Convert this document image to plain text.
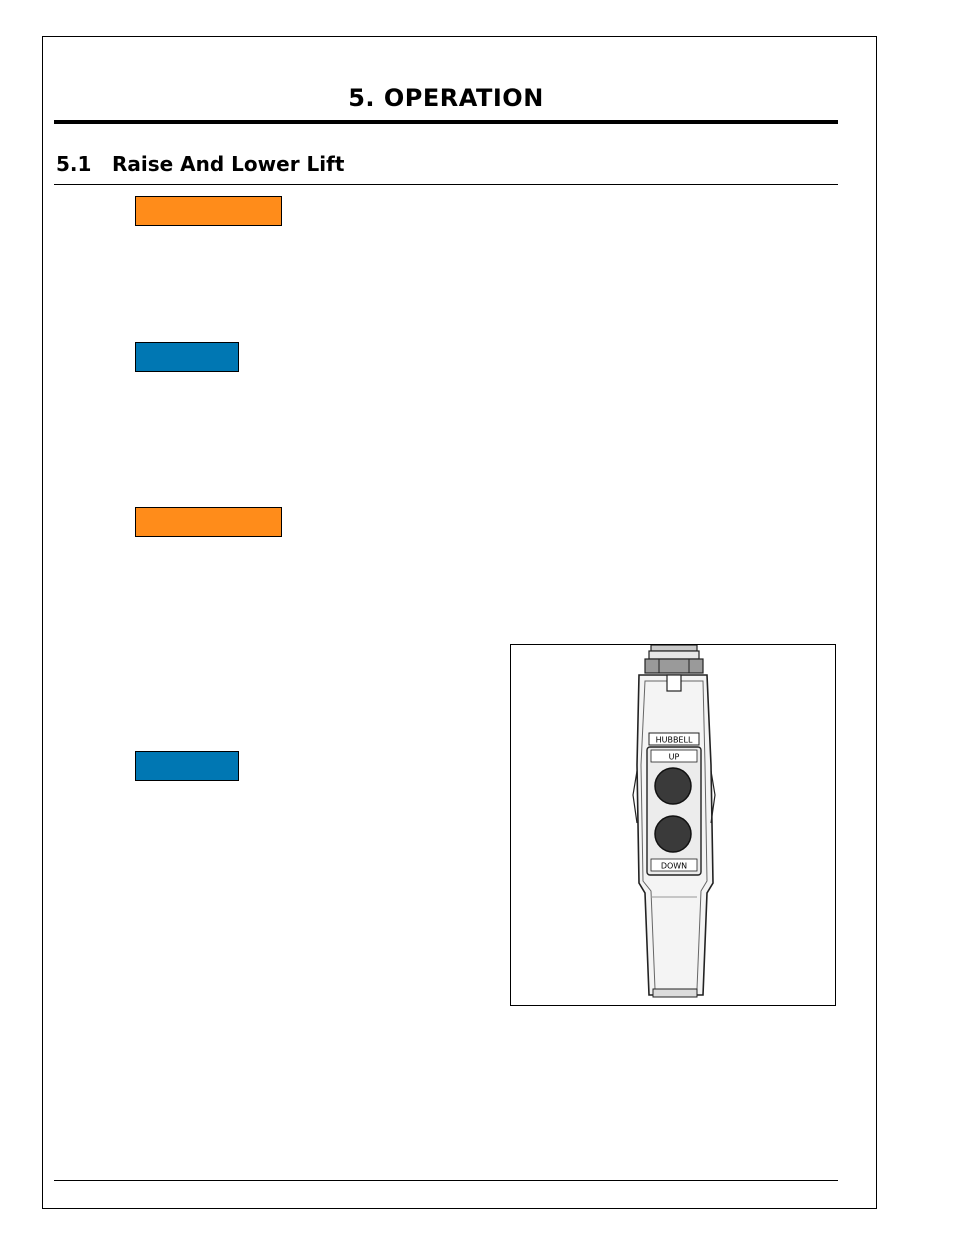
5. OPERATION
5.1 Raise And Lower Lift
HUBBELL
UP
DOWN
